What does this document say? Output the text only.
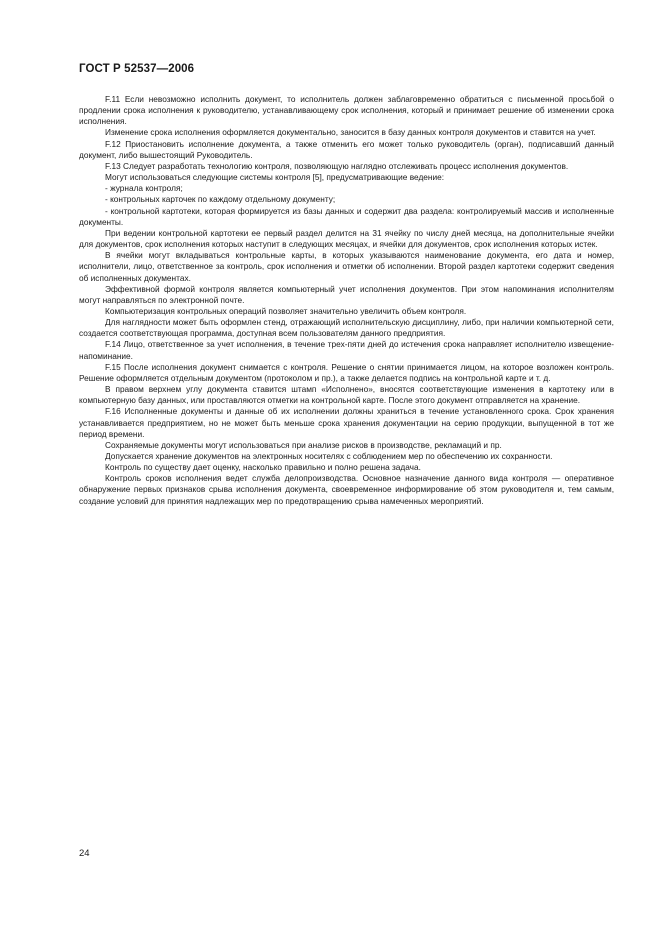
ГОСТ Р 52537—2006

F.11 Если невозможно исполнить документ, то исполнитель должен заблаговременно обратиться с письменной просьбой о продлении срока исполнения к руководителю, устанавливающему срок исполнения, который и принимает решение об изменении срока исполнения.

Изменение срока исполнения оформляется документально, заносится в базу данных контроля документов и ставится на учет.

F.12 Приостановить исполнение документа, а также отменить его может только руководитель (орган), подписавший данный документ, либо вышестоящий Руководитель.

F.13 Следует разработать технологию контроля, позволяющую наглядно отслеживать процесс исполнения документов.

Могут использоваться следующие системы контроля [5], предусматривающие ведение:

- журнала контроля;

- контрольных карточек по каждому отдельному документу;

- контрольной картотеки, которая формируется из базы данных и содержит два раздела: контролируемый массив и исполненные документы.

При ведении контрольной картотеки ее первый раздел делится на 31 ячейку по числу дней месяца, на дополнительные ячейки для документов, срок исполнения которых наступит в следующих месяцах, и ячейки для документов, срок исполнения которых истек.

В ячейки могут вкладываться контрольные карты, в которых указываются наименование документа, его дата и номер, исполнители, лицо, ответственное за контроль, срок исполнения и отметки об исполнении. Второй раздел картотеки содержит сведения об исполненных документах.

Эффективной формой контроля является компьютерный учет исполнения документов. При этом напоминания исполнителям могут направляться по электронной почте.

Компьютеризация контрольных операций позволяет значительно увеличить объем контроля.

Для наглядности может быть оформлен стенд, отражающий исполнительскую дисциплину, либо, при наличии компьютерной сети, создается соответствующая программа, доступная всем пользователям данного предприятия.

F.14 Лицо, ответственное за учет исполнения, в течение трех-пяти дней до истечения срока направляет исполнителю извещение-напоминание.

F.15 После исполнения документ снимается с контроля. Решение о снятии принимается лицом, на которое возложен контроль. Решение оформляется отдельным документом (протоколом и пр.), а также делается подпись на контрольной карте и т. д.

В правом верхнем углу документа ставится штамп «Исполнено», вносятся соответствующие изменения в картотеку или в компьютерную базу данных, или проставляются отметки на контрольной карте. После этого документ отправляется на хранение.

F.16 Исполненные документы и данные об их исполнении должны храниться в течение установленного срока. Срок хранения устанавливается предприятием, но не может быть меньше срока хранения документации на серию продукции, выпущенной в тот же период времени.

Сохраняемые документы могут использоваться при анализе рисков в производстве, рекламаций и пр.

Допускается хранение документов на электронных носителях с соблюдением мер по обеспечению их сохранности.

Контроль по существу дает оценку, насколько правильно и полно решена задача.

Контроль сроков исполнения ведет служба делопроизводства. Основное назначение данного вида контроля — оперативное обнаружение первых признаков срыва исполнения документа, своевременное информирование об этом руководителя и, тем самым, создание условий для принятия надлежащих мер по предотвращению срыва намеченных мероприятий.

24
